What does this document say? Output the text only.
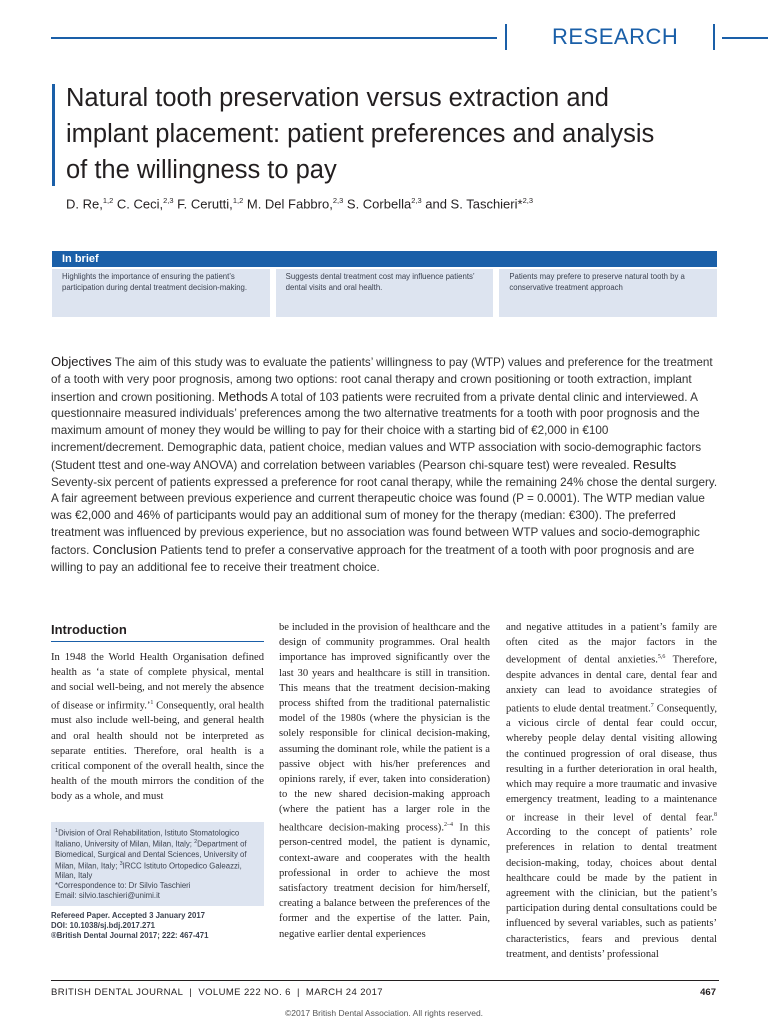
RESEARCH
Natural tooth preservation versus extraction and
implant placement: patient preferences and analysis
of the willingness to pay
D. Re,$^{1,2}$ C. Ceci,$^{2,3}$ F. Cerutti,$^{1,2}$ M. Del Fabbro,$^{2,3}$ S. Corbella$^{2,3}$ and S. Taschieri*$^{2,3}$
In brief
Highlights the importance of ensuring the patient’s participation during dental treatment decision-making.
Suggests dental treatment cost may influence patients’ dental visits and oral health.
Patients may prefere to preserve natural tooth by a conservative treatment approach
Objectives The aim of this study was to evaluate the patients’ willingness to pay (WTP) values and preference for the treatment of a tooth with very poor prognosis, among two options: root canal therapy and crown positioning or tooth extraction, implant insertion and crown positioning. Methods A total of 103 patients were recruited from a private dental clinic and interviewed. A questionnaire measured individuals’ preferences among the two alternative treatments for a tooth with poor prognosis and the maximum amount of money they would be willing to pay for their choice with a starting bid of €2,000 in €100 increment/decrement. Demographic data, patient choice, median values and WTP association with socio-demographic factors (Student ttest and one-way ANOVA) and correlation between variables (Pearson chi-square test) were revealed. Results Seventy-six percent of patients expressed a preference for root canal therapy, while the remaining 24% chose the dental surgery. A fair agreement between previous experience and current therapeutic choice was found (P = 0.0001). The WTP median value was €2,000 and 46% of participants would pay an additional sum of money for the therapy (median: €300). The preferred treatment was influenced by previous experience, but no association was found between WTP values and socio-demographic factors. Conclusion Patients tend to prefer a conservative approach for the treatment of a tooth with poor prognosis and are willing to pay an additional fee to receive their treatment choice.
Introduction
In 1948 the World Health Organisation defined health as ‘a state of complete physical, mental and social well-being, and not merely the absence of disease or infirmity.’$^1$ Consequently, oral health must also include well-being, and general health and oral health should not be interpreted as separate entities. Therefore, oral health is a critical component of the overall health, since the health of the mouth mirrors the condition of the body as a whole, and must
be included in the provision of healthcare and the design of community programmes. Oral health importance has improved significantly over the last 30 years and healthcare is still in transition. This means that the treatment decision-making process shifted from the traditional paternalistic model of the 1980s (where the physician is the solely responsible for clinical decision-making, assuming the dominant role, while the patient is a passive object with his/her preferences and opinions rarely, if ever, taken into consideration) to the new shared decision-making approach (where the patient has a larger role in the healthcare decision-making process).$^{2-4}$ In this person-centred model, the patient is dynamic, context-aware and cooperates with the health professional in order to achieve the most satisfactory treatment decision for him/herself, creating a balance between the preferences of the former and the expertise of the latter. Pain, negative earlier dental experiences
and negative attitudes in a patient’s family are often cited as the major factors in the development of dental anxieties.$^{5,6}$ Therefore, despite advances in dental care, dental fear and anxiety can lead to avoidance strategies of patients to elude dental treatment.$^7$ Consequently, a vicious circle of dental fear could occur, whereby people delay dental visiting allowing the continued progression of oral disease, thus resulting in a further deterioration in oral health, which may require a more traumatic and invasive emergency treatment, leading to a maintenance or increase in their level of dental fear.$^8$ According to the concept of patients’ role preferences in relation to dental treatment decision-making, today, choices about dental healthcare could be made by the patient in agreement with the clinician, but the patient’s participation during dental consultations could be influenced by several variables, such as patients’ characteristics, fears and previous dental treatment, and dentists’ professional
$^1$Division of Oral Rehabilitation, Istituto Stomatologico Italiano, University of Milan, Milan, Italy; $^2$Department of Biomedical, Surgical and Dental Sciences, University of Milan, Milan, Italy; $^3$IRCC Istituto Ortopedico Galeazzi, Milan, Italy
*Correspondence to: Dr Silvio Taschieri
Email: silvio.taschieri@unimi.it
Refereed Paper. Accepted 3 January 2017
DOI: 10.1038/sj.bdj.2017.271
®British Dental Journal 2017; 222: 467-471
BRITISH DENTAL JOURNAL | VOLUME 222 NO. 6 | MARCH 24 2017	467
©2017 British Dental Association. All rights reserved.
